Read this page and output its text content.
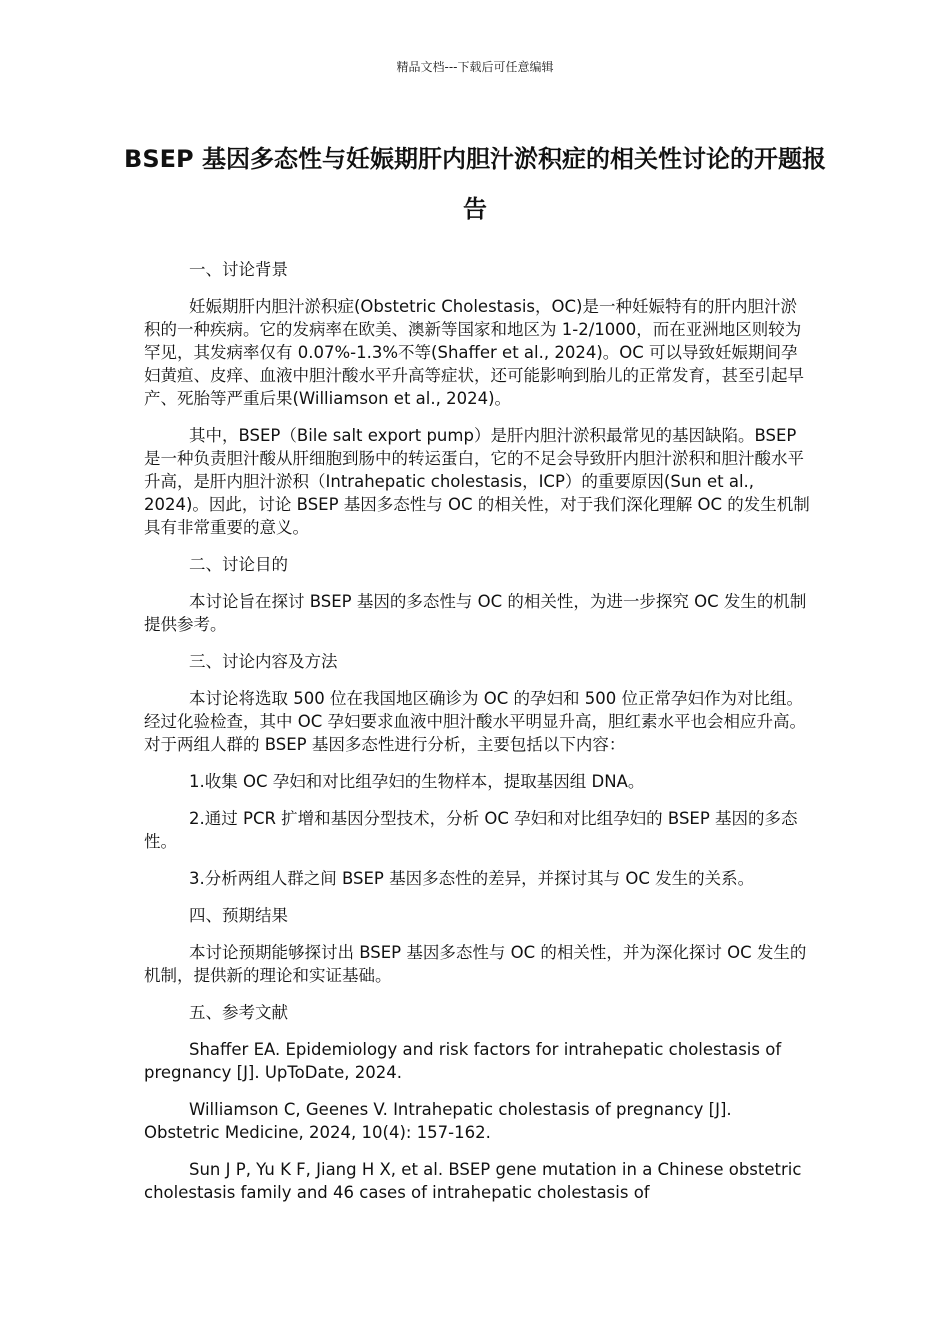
精品文档---下载后可任意编辑
BSEP 基因多态性与妊娠期肝内胆汁淤积症的相关性讨论的开题报告

一、讨论背景

妊娠期肝内胆汁淤积症(Obstetric Cholestasis，OC)是一种妊娠特有的肝内胆汁淤积的一种疾病。它的发病率在欧美、澳新等国家和地区为 1-2/1000，而在亚洲地区则较为罕见，其发病率仅有 0.07%-1.3%不等(Shaffer et al., 2024)。OC 可以导致妊娠期间孕妇黄疸、皮痒、血液中胆汁酸水平升高等症状，还可能影响到胎儿的正常发育，甚至引起早产、死胎等严重后果(Williamson et al., 2024)。

其中，BSEP（Bile salt export pump）是肝内胆汁淤积最常见的基因缺陷。BSEP 是一种负责胆汁酸从肝细胞到肠中的转运蛋白，它的不足会导致肝内胆汁淤积和胆汁酸水平升高，是肝内胆汁淤积（Intrahepatic cholestasis，ICP）的重要原因(Sun et al., 2024)。因此，讨论 BSEP 基因多态性与 OC 的相关性，对于我们深化理解 OC 的发生机制具有非常重要的意义。

二、讨论目的

本讨论旨在探讨 BSEP 基因的多态性与 OC 的相关性，为进一步探究 OC 发生的机制提供参考。

三、讨论内容及方法

本讨论将选取 500 位在我国地区确诊为 OC 的孕妇和 500 位正常孕妇作为对比组。经过化验检查，其中 OC 孕妇要求血液中胆汁酸水平明显升高，胆红素水平也会相应升高。对于两组人群的 BSEP 基因多态性进行分析，主要包括以下内容：

1.收集 OC 孕妇和对比组孕妇的生物样本，提取基因组 DNA。

2.通过 PCR 扩增和基因分型技术，分析 OC 孕妇和对比组孕妇的 BSEP 基因的多态性。

3.分析两组人群之间 BSEP 基因多态性的差异，并探讨其与 OC 发生的关系。

四、预期结果

本讨论预期能够探讨出 BSEP 基因多态性与 OC 的相关性，并为深化探讨 OC 发生的机制，提供新的理论和实证基础。

五、参考文献

Shaffer EA. Epidemiology and risk factors for intrahepatic cholestasis of pregnancy [J]. UpToDate, 2024.

Williamson C, Geenes V. Intrahepatic cholestasis of pregnancy [J]. Obstetric Medicine, 2024, 10(4): 157-162.

Sun J P, Yu K F, Jiang H X, et al. BSEP gene mutation in a Chinese obstetric cholestasis family and 46 cases of intrahepatic cholestasis of
